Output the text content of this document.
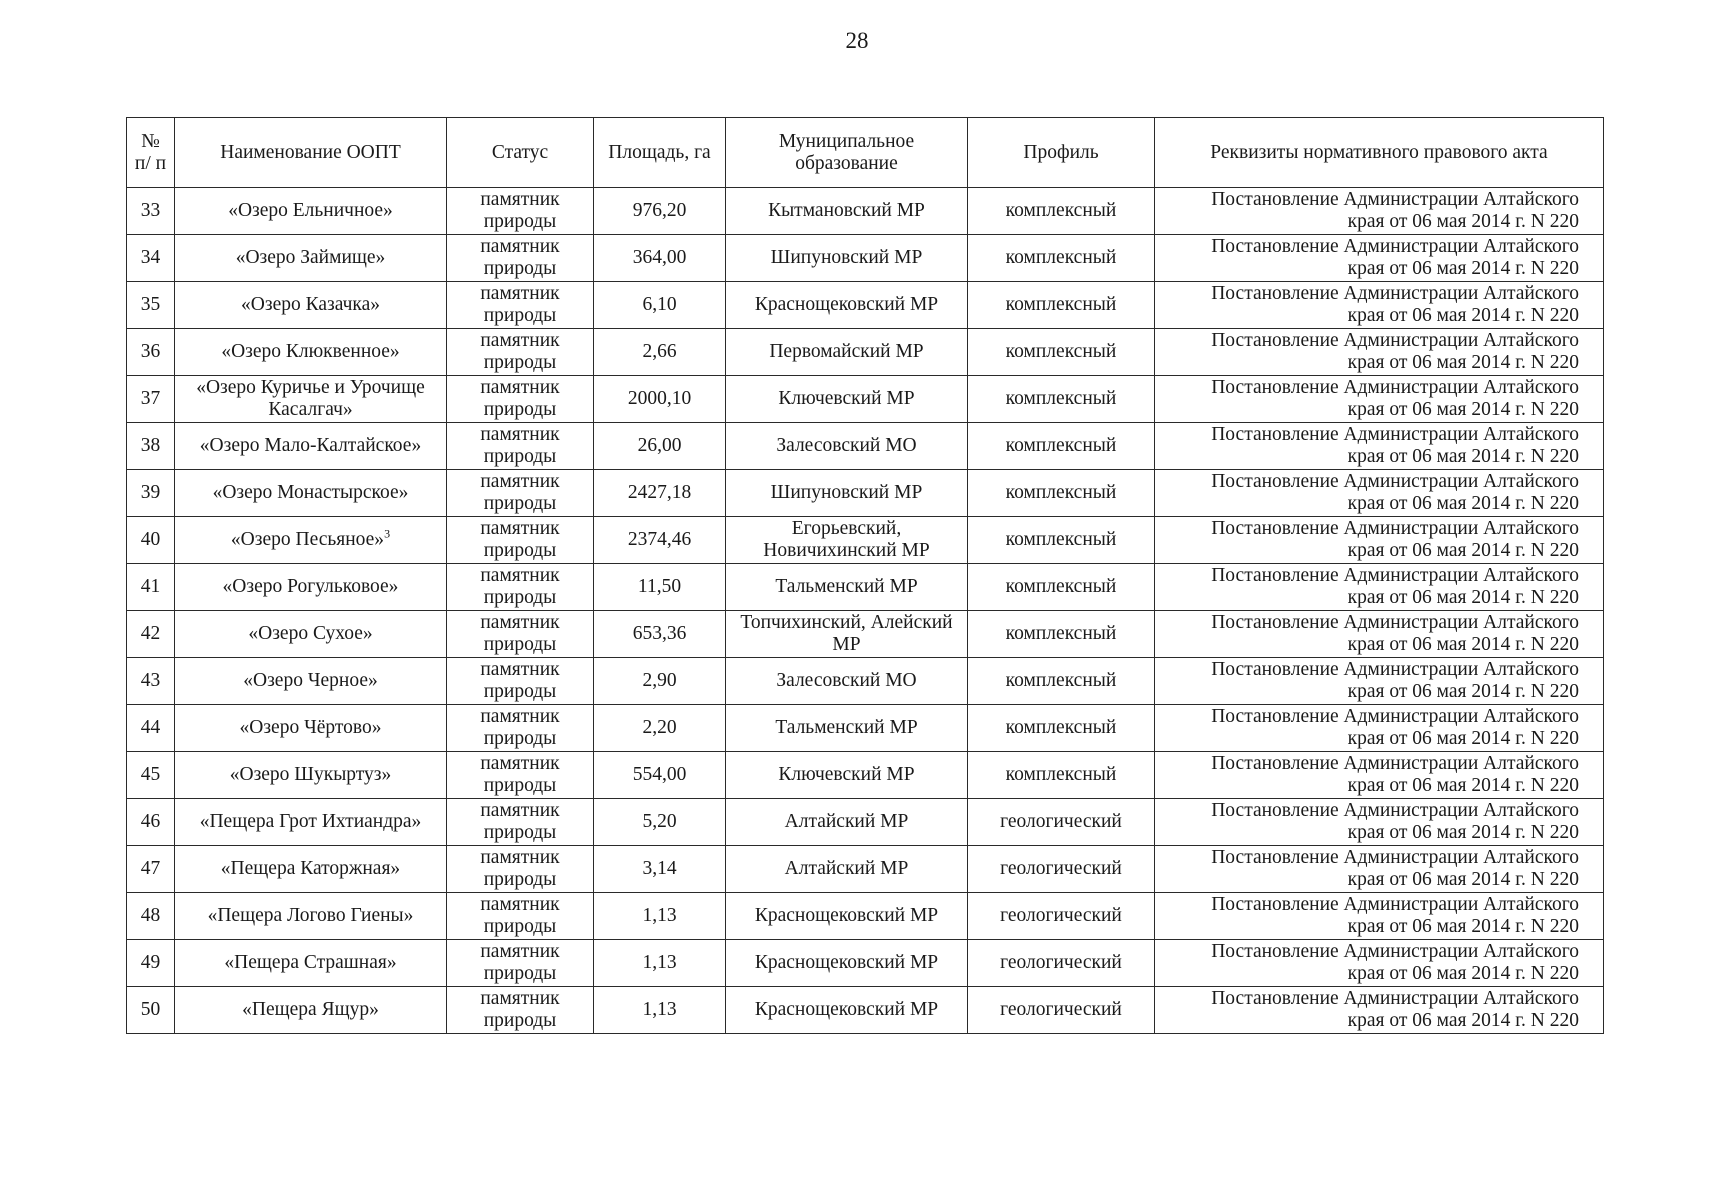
28
№ п/ п	Наименование ООПТ	Статус	Площадь, га	Муниципальное образование	Профиль	Реквизиты нормативного правового акта
33	«Озеро Ельничное»	памятник природы	976,20	Кытмановский МР	комплексный	Постановление Администрации Алтайского
края от 06 мая 2014 г. N 220

34	«Озеро Займище»	памятник природы	364,00	Шипуновский МР	комплексный	Постановление Администрации Алтайского
края от 06 мая 2014 г. N 220

35	«Озеро Казачка»	памятник природы	6,10	Краснощековский МР	комплексный	Постановление Администрации Алтайского
края от 06 мая 2014 г. N 220

36	«Озеро Клюквенное»	памятник природы	2,66	Первомайский МР	комплексный	Постановление Администрации Алтайского
края от 06 мая 2014 г. N 220

37	«Озеро Куричье и Урочище Касалгач»	памятник природы	2000,10	Ключевский МР	комплексный	Постановление Администрации Алтайского
края от 06 мая 2014 г. N 220

38	«Озеро Мало-Калтайское»	памятник природы	26,00	Залесовский МО	комплексный	Постановление Администрации Алтайского
края от 06 мая 2014 г. N 220

39	«Озеро Монастырское»	памятник природы	2427,18	Шипуновский МР	комплексный	Постановление Администрации Алтайского
края от 06 мая 2014 г. N 220

40	«Озеро Песьяное»$^3$	памятник природы	2374,46	Егорьевский, Новичихинский МР	комплексный	Постановление Администрации Алтайского
края от 06 мая 2014 г. N 220

41	«Озеро Рогульковое»	памятник природы	11,50	Тальменский МР	комплексный	Постановление Администрации Алтайского
края от 06 мая 2014 г. N 220

42	«Озеро Сухое»	памятник природы	653,36	Топчихинский, Алейский МР	комплексный	Постановление Администрации Алтайского
края от 06 мая 2014 г. N 220

43	«Озеро Черное»	памятник природы	2,90	Залесовский МО	комплексный	Постановление Администрации Алтайского
края от 06 мая 2014 г. N 220

44	«Озеро Чёртово»	памятник природы	2,20	Тальменский МР	комплексный	Постановление Администрации Алтайского
края от 06 мая 2014 г. N 220

45	«Озеро Шукыртуз»	памятник природы	554,00	Ключевский МР	комплексный	Постановление Администрации Алтайского
края от 06 мая 2014 г. N 220

46	«Пещера Грот Ихтиандра»	памятник природы	5,20	Алтайский МР	геологический	Постановление Администрации Алтайского
края от 06 мая 2014 г. N 220

47	«Пещера Каторжная»	памятник природы	3,14	Алтайский МР	геологический	Постановление Администрации Алтайского
края от 06 мая 2014 г. N 220

48	«Пещера Логово Гиены»	памятник природы	1,13	Краснощековский МР	геологический	Постановление Администрации Алтайского
края от 06 мая 2014 г. N 220

49	«Пещера Страшная»	памятник природы	1,13	Краснощековский МР	геологический	Постановление Администрации Алтайского
края от 06 мая 2014 г. N 220

50	«Пещера Ящур»	памятник природы	1,13	Краснощековский МР	геологический	Постановление Администрации Алтайского
края от 06 мая 2014 г. N 220
